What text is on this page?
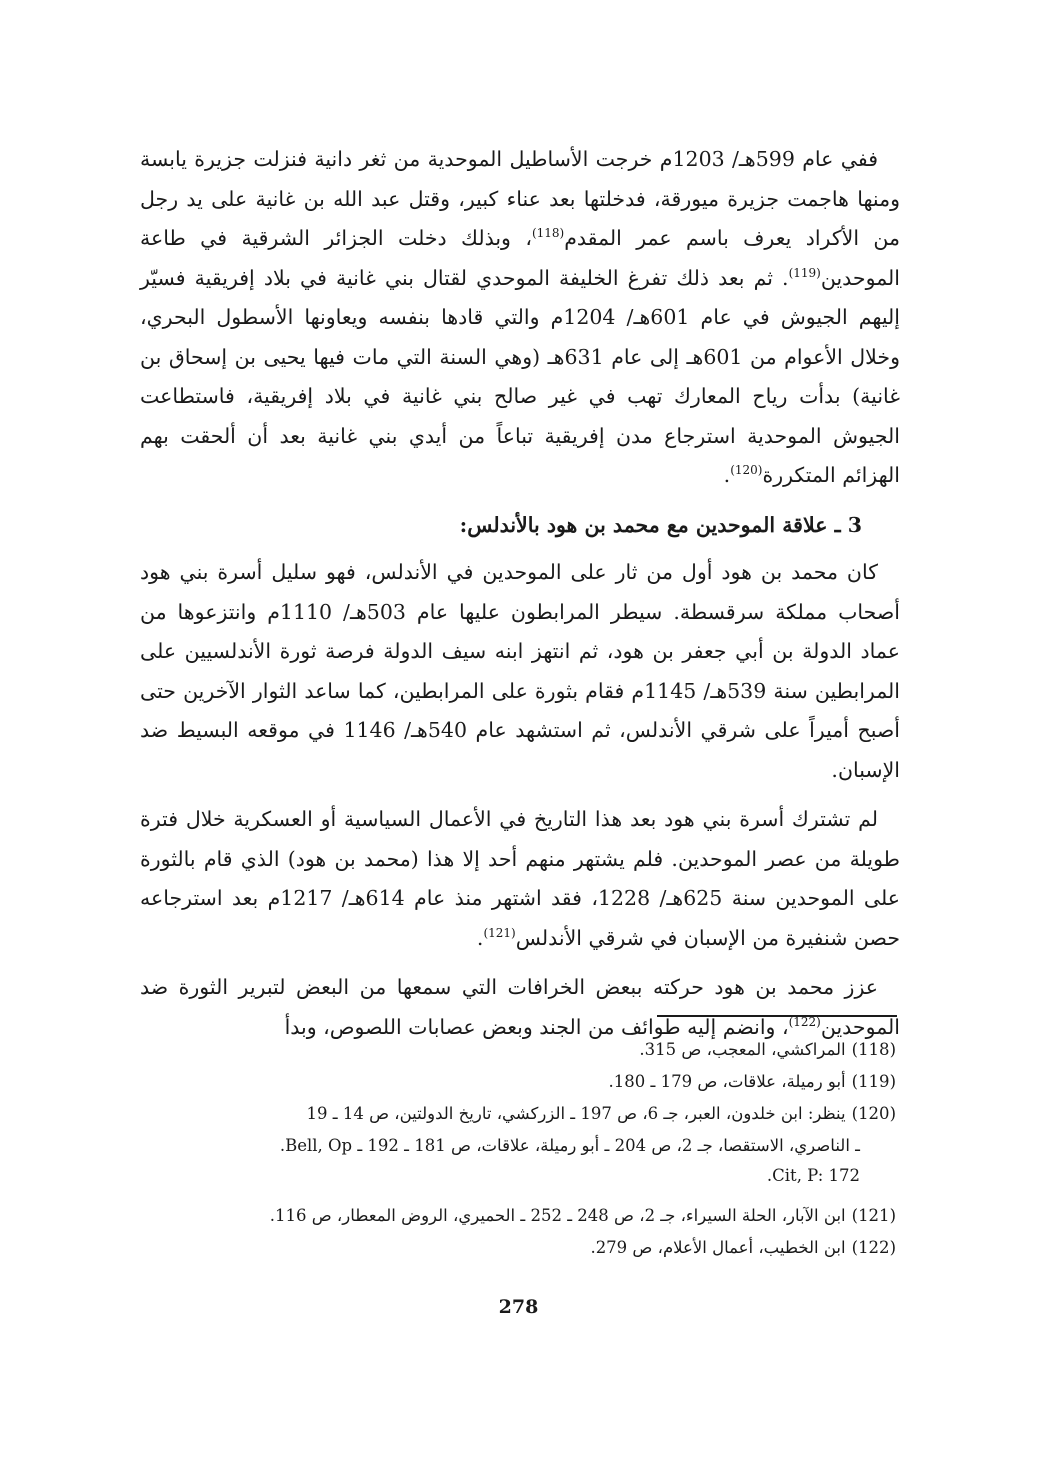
ففي عام 599هـ/ 1203م خرجت الأساطيل الموحدية من ثغر دانية فنزلت جزيرة يابسة ومنها هاجمت جزيرة ميورقة، فدخلتها بعد عناء كبير، وقتل عبد الله بن غانية على يد رجل من الأكراد يعرف باسم عمر المقدم$^{(118)}$، وبذلك دخلت الجزائر الشرقية في طاعة الموحدين$^{(119)}$. ثم بعد ذلك تفرغ الخليفة الموحدي لقتال بني غانية في بلاد إفريقية فسيّر إليهم الجيوش في عام 601هـ/ 1204م والتي قادها بنفسه ويعاونها الأسطول البحري، وخلال الأعوام من 601هـ إلى عام 631هـ (وهي السنة التي مات فيها يحيى بن إسحاق بن غانية) بدأت رياح المعارك تهب في غير صالح بني غانية في بلاد إفريقية، فاستطاعت الجيوش الموحدية استرجاع مدن إفريقية تباعاً من أيدي بني غانية بعد أن ألحقت بهم الهزائم المتكررة$^{(120)}$.

3 ـ علاقة الموحدين مع محمد بن هود بالأندلس:

كان محمد بن هود أول من ثار على الموحدين في الأندلس، فهو سليل أسرة بني هود أصحاب مملكة سرقسطة. سيطر المرابطون عليها عام 503هـ/ 1110م وانتزعوها من عماد الدولة بن أبي جعفر بن هود، ثم انتهز ابنه سيف الدولة فرصة ثورة الأندلسيين على المرابطين سنة 539هـ/ 1145م فقام بثورة على المرابطين، كما ساعد الثوار الآخرين حتى أصبح أميراً على شرقي الأندلس، ثم استشهد عام 540هـ/ 1146 في موقعه البسيط ضد الإسبان.

لم تشترك أسرة بني هود بعد هذا التاريخ في الأعمال السياسية أو العسكرية خلال فترة طويلة من عصر الموحدين. فلم يشتهر منهم أحد إلا هذا (محمد بن هود) الذي قام بالثورة على الموحدين سنة 625هـ/ 1228، فقد اشتهر منذ عام 614هـ/ 1217م بعد استرجاعه حصن شنفيرة من الإسبان في شرقي الأندلس$^{(121)}$.

عزز محمد بن هود حركته ببعض الخرافات التي سمعها من البعض لتبرير الثورة ضد الموحدين$^{(122)}$، وانضم إليه طوائف من الجند وبعض عصابات اللصوص، وبدأ

(118)المراكشي، المعجب، ص 315.

(119)أبو رميلة، علاقات، ص 179 ـ 180.

(120)ينظر: ابن خلدون، العبر، جـ 6، ص 197 ـ الزركشي، تاريخ الدولتين، ص 14 ـ 19

ـ الناصري، الاستقصا، جـ 2، ص 204 ـ أبو رميلة، علاقات، ص 181 ـ 192 ـ Bell, Op.

Cit, P: 172.

(121)ابن الآبار، الحلة السيراء، جـ 2، ص 248 ـ 252 ـ الحميري، الروض المعطار، ص 116.

(122)ابن الخطيب، أعمال الأعلام، ص 279.

278
